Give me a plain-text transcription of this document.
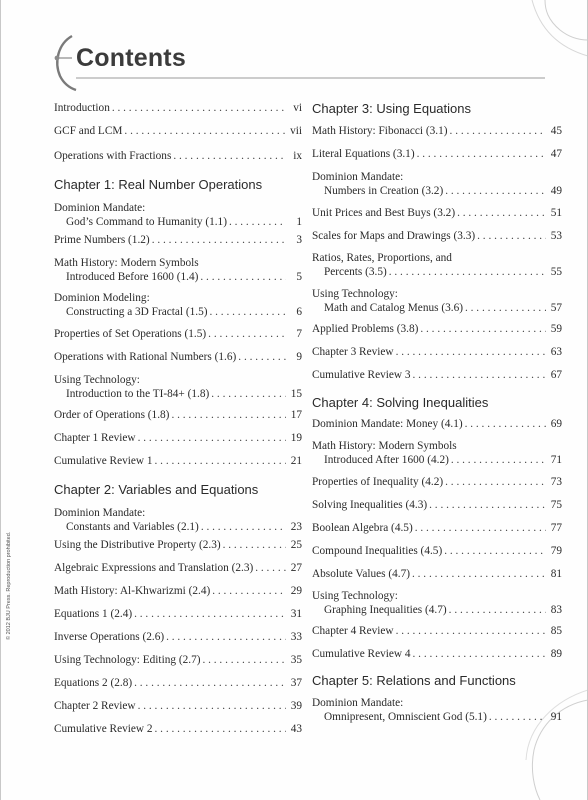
Contents
© 2012 BJU Press. Reproduction prohibited.
Introduction . . .	vi
GCF and LCM . . .	vii
Operations with Fractions . . .	ix
Chapter 1: Real Number Operations
Dominion Mandate:
God’s Command to Humanity (1.1) . . .	1
Prime Numbers (1.2) . . .	3
Math History: Modern Symbols
Introduced Before 1600 (1.4) . . .	5
Dominion Modeling:
Constructing a 3D Fractal (1.5) . . .	6
Properties of Set Operations (1.5) . . .	7
Operations with Rational Numbers (1.6) . . .	9
Using Technology:
Introduction to the TI-84+ (1.8) . . .	15
Order of Operations (1.8) . . .	17
Chapter 1 Review . . .	19
Cumulative Review 1 . . .	21
Chapter 2: Variables and Equations
Dominion Mandate:
Constants and Variables (2.1) . . .	23
Using the Distributive Property (2.3) . . .	25
Algebraic Expressions and Translation (2.3) . . .	27
Math History: Al-Khwarizmi (2.4) . . .	29
Equations 1 (2.4) . . .	31
Inverse Operations (2.6) . . .	33
Using Technology: Editing (2.7) . . .	35
Equations 2 (2.8) . . .	37
Chapter 2 Review . . .	39
Cumulative Review 2 . . .	43
Chapter 3: Using Equations
Math History: Fibonacci (3.1) . . .	45
Literal Equations (3.1) . . .	47
Dominion Mandate:
Numbers in Creation (3.2) . . .	49
Unit Prices and Best Buys (3.2) . . .	51
Scales for Maps and Drawings (3.3) . . .	53
Ratios, Rates, Proportions, and
Percents (3.5) . . .	55
Using Technology:
Math and Catalog Menus (3.6) . . .	57
Applied Problems (3.8) . . .	59
Chapter 3 Review . . .	63
Cumulative Review 3 . . .	67
Chapter 4: Solving Inequalities
Dominion Mandate: Money (4.1) . . .	69
Math History: Modern Symbols
Introduced After 1600 (4.2) . . .	71
Properties of Inequality (4.2) . . .	73
Solving Inequalities (4.3) . . .	75
Boolean Algebra (4.5) . . .	77
Compound Inequalities (4.5) . . .	79
Absolute Values (4.7) . . .	81
Using Technology:
Graphing Inequalities (4.7) . . .	83
Chapter 4 Review . . .	85
Cumulative Review 4 . . .	89
Chapter 5: Relations and Functions
Dominion Mandate:
Omnipresent, Omniscient God (5.1) . . .	91
